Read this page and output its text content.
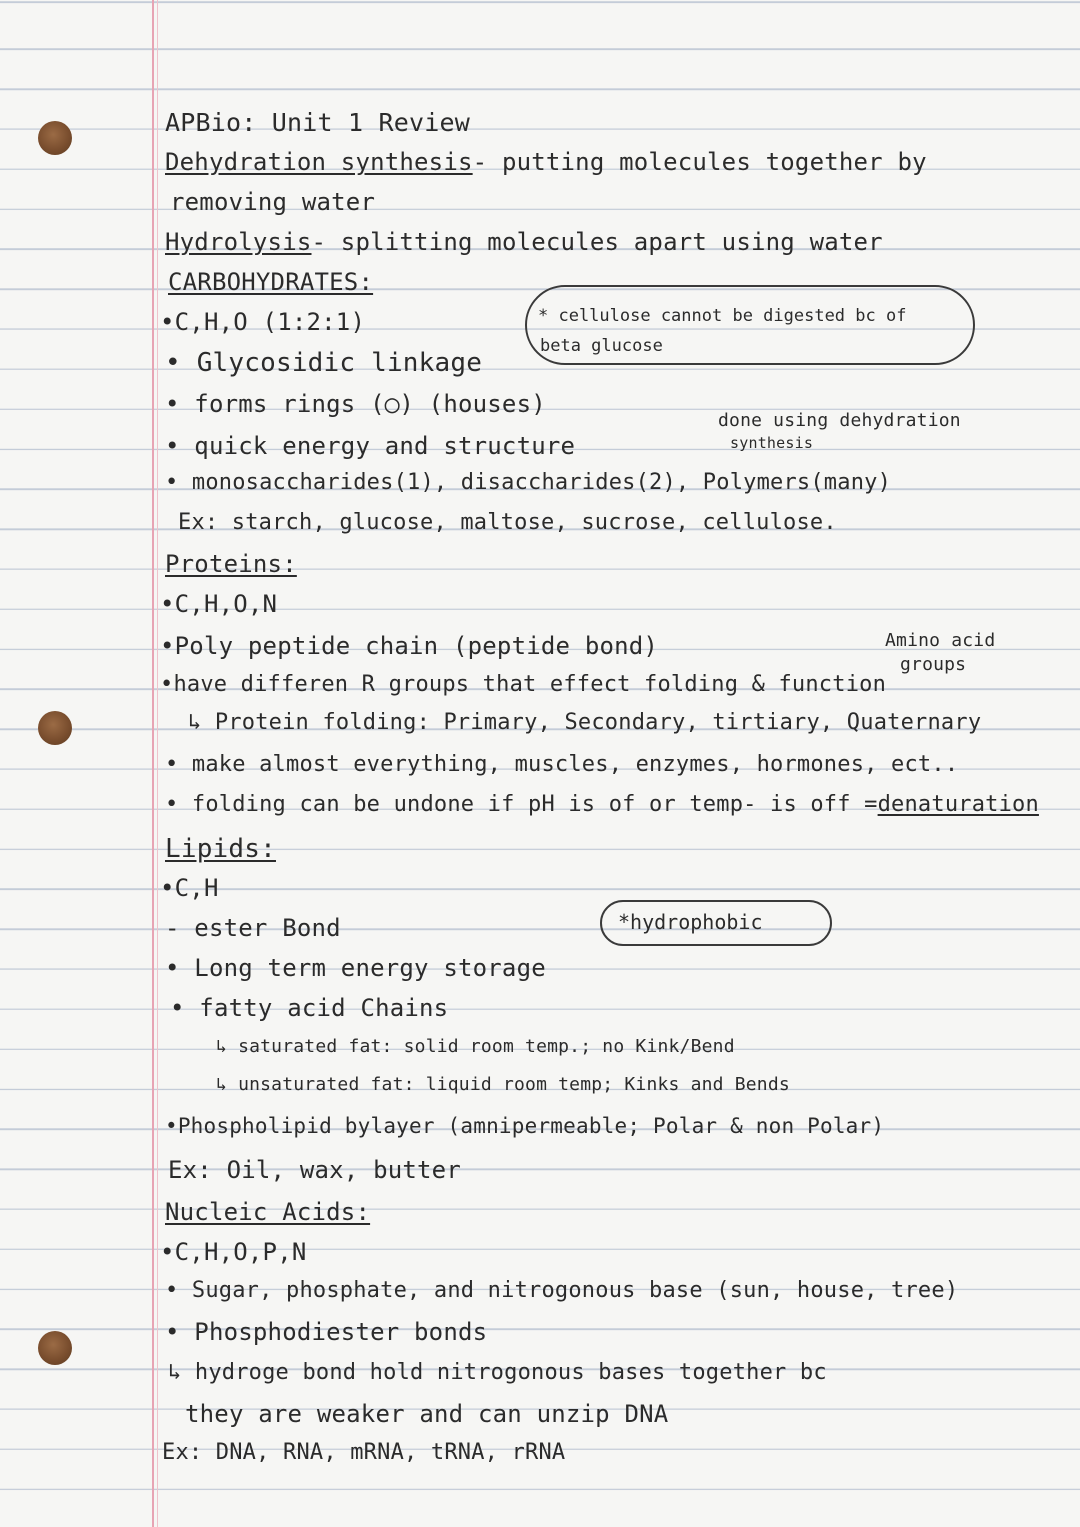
APBio: Unit 1 Review
Dehydration synthesis- putting molecules together by
removing water
Hydrolysis- splitting molecules apart using water
CARBOHYDRATES:
•C,H,O (1:2:1)	* cellulose cannot be digested bc of
beta glucose
• Glycosidic linkage
• forms rings (◯) (houses)
done using dehydration
synthesis
• quick energy and structure
• monosaccharides(1), disaccharides(2), Polymers(many)
Ex: starch, glucose, maltose, sucrose, cellulose.
Proteins:
•C,H,O,N
•Poly peptide chain (peptide bond)	Amino acid
groups
•have differen R groups that effect folding & function
↳ Protein folding: Primary, Secondary, tirtiary, Quaternary
• make almost everything, muscles, enzymes, hormones, ect..
• folding can be undone if pH is of or temp- is off =denaturation
Lipids:
•C,H
- ester Bond	*hydrophobic
• Long term energy storage
• fatty acid Chains
↳ saturated fat: solid room temp.; no Kink/Bend
↳ unsaturated fat: liquid room temp; Kinks and Bends
•Phospholipid bylayer (amnipermeable; Polar & non Polar)
Ex: Oil, wax, butter
Nucleic Acids:
•C,H,O,P,N
• Sugar, phosphate, and nitrogonous base (sun, house, tree)
• Phosphodiester bonds
↳ hydroge bond hold nitrogonous bases together bc
they are weaker and can unzip DNA
Ex: DNA, RNA, mRNA, tRNA, rRNA
